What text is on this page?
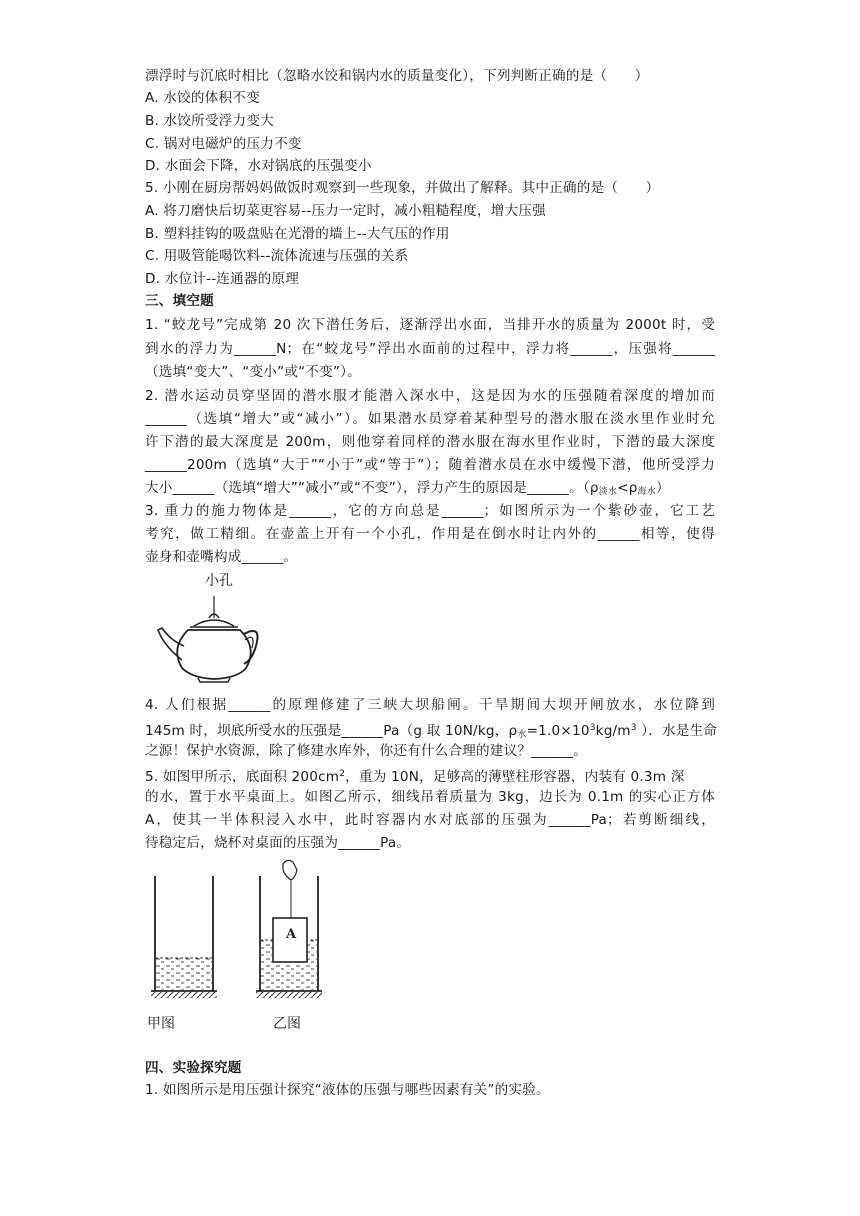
漂浮时与沉底时相比（忽略水饺和锅内水的质量变化），下列判断正确的是（　　）
A. 水饺的体积不变
B. 水饺所受浮力变大
C. 锅对电磁炉的压力不变
D. 水面会下降，水对锅底的压强变小
5. 小刚在厨房帮妈妈做饭时观察到一些现象，并做出了解释。其中正确的是（　　）
A. 将刀磨快后切菜更容易--压力一定时，减小粗糙程度，增大压强
B. 塑料挂钩的吸盘贴在光滑的墙上--大气压的作用
C. 用吸管能喝饮料--流体流速与压强的关系
D. 水位计--连通器的原理
三、填空题
1. “蛟龙号”完成第 20 次下潜任务后，逐渐浮出水面，当排开水的质量为 2000t 时，受
到水的浮力为______N；在“蛟龙号”浮出水面前的过程中，浮力将______，压强将______
（选填“变大”、“变小”或“不变”）。
2. 潜水运动员穿坚固的潜水服才能潜入深水中，这是因为水的压强随着深度的增加而
______（选填“增大”或“减小”）。如果潜水员穿着某种型号的潜水服在淡水里作业时允
许下潜的最大深度是 200m，则他穿着同样的潜水服在海水里作业时，下潜的最大深度
______200m（选填“大于”“小于”或“等于”）；随着潜水员在水中缓慢下潜，他所受浮力
大小______（选填“增大”“减小”或“不变”），浮力产生的原因是______。$(\rho_{淡水}<\rho_{海水})$
3. 重力的施力物体是______，它的方向总是______；如图所示为一个紫砂壶，它工艺
考究，做工精细。在壶盖上开有一个小孔，作用是在倒水时让内外的______相等，使得
壶身和壶嘴构成______。
小孔
4. 人们根据______的原理修建了三峡大坝船闸。干旱期间大坝开闸放水，水位降到
145m 时，坝底所受水的压强是______Pa（g 取 10N/kg，$\rho_水=1.0\times 10^3kg/m^3$ ）．水是生命
之源！保护水资源，除了修建水库外，你还有什么合理的建议？______。
5. 如图甲所示，底面积 $200cm^2$，重为 10N，足够高的薄壁柱形容器，内装有 0.3m 深
的水，置于水平桌面上。如图乙所示，细线吊着质量为 3kg，边长为 0.1m 的实心正方体
A，使其一半体积浸入水中，此时容器内水对底部的压强为______Pa；若剪断细线，
待稳定后，烧杯对桌面的压强为______Pa。
A
甲图	乙图
四、实验探究题
1. 如图所示是用压强计探究“液体的压强与哪些因素有关”的实验。
